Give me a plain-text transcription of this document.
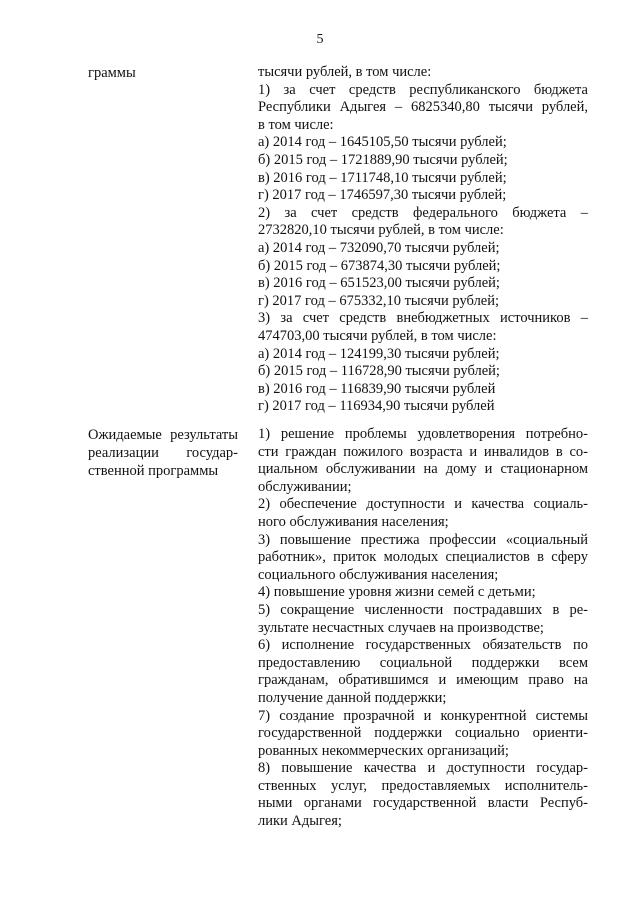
5
граммы	тысячи рублей, в том числе:
1) за счет средств республиканского бюджета
Республики Адыгея – 6825340,80 тысячи рублей,
в том числе:
а) 2014 год – 1645105,50 тысячи рублей;
б) 2015 год – 1721889,90 тысячи рублей;
в) 2016 год – 1711748,10 тысячи рублей;
г) 2017 год – 1746597,30 тысячи рублей;
2) за счет средств федерального бюджета –
2732820,10 тысячи рублей, в том числе:
а) 2014 год – 732090,70 тысячи рублей;
б) 2015 год – 673874,30 тысячи рублей;
в) 2016 год – 651523,00 тысячи рублей;
г) 2017 год – 675332,10 тысячи рублей;
3) за счет средств внебюджетных источников –
474703,00 тысячи рублей, в том числе:
а) 2014 год – 124199,30 тысячи рублей;
б) 2015 год – 116728,90 тысячи рублей;
в) 2016 год – 116839,90 тысячи рублей
г) 2017 год – 116934,90 тысячи рублей
Ожидаемые результаты
реализации государ-
ственной программы
1) решение проблемы удовлетворения потребно-
сти граждан пожилого возраста и инвалидов в со-
циальном обслуживании на дому и стационарном
обслуживании;
2) обеспечение доступности и качества социаль-
ного обслуживания населения;
3) повышение престижа профессии «социальный
работник», приток молодых специалистов в сферу
социального обслуживания населения;
4) повышение уровня жизни семей с детьми;
5) сокращение численности пострадавших в ре-
зультате несчастных случаев на производстве;
6) исполнение государственных обязательств по
предоставлению социальной поддержки всем
гражданам, обратившимся и имеющим право на
получение данной поддержки;
7) создание прозрачной и конкурентной системы
государственной поддержки социально ориенти-
рованных некоммерческих организаций;
8) повышение качества и доступности государ-
ственных услуг, предоставляемых исполнитель-
ными органами государственной власти Респуб-
лики Адыгея;
